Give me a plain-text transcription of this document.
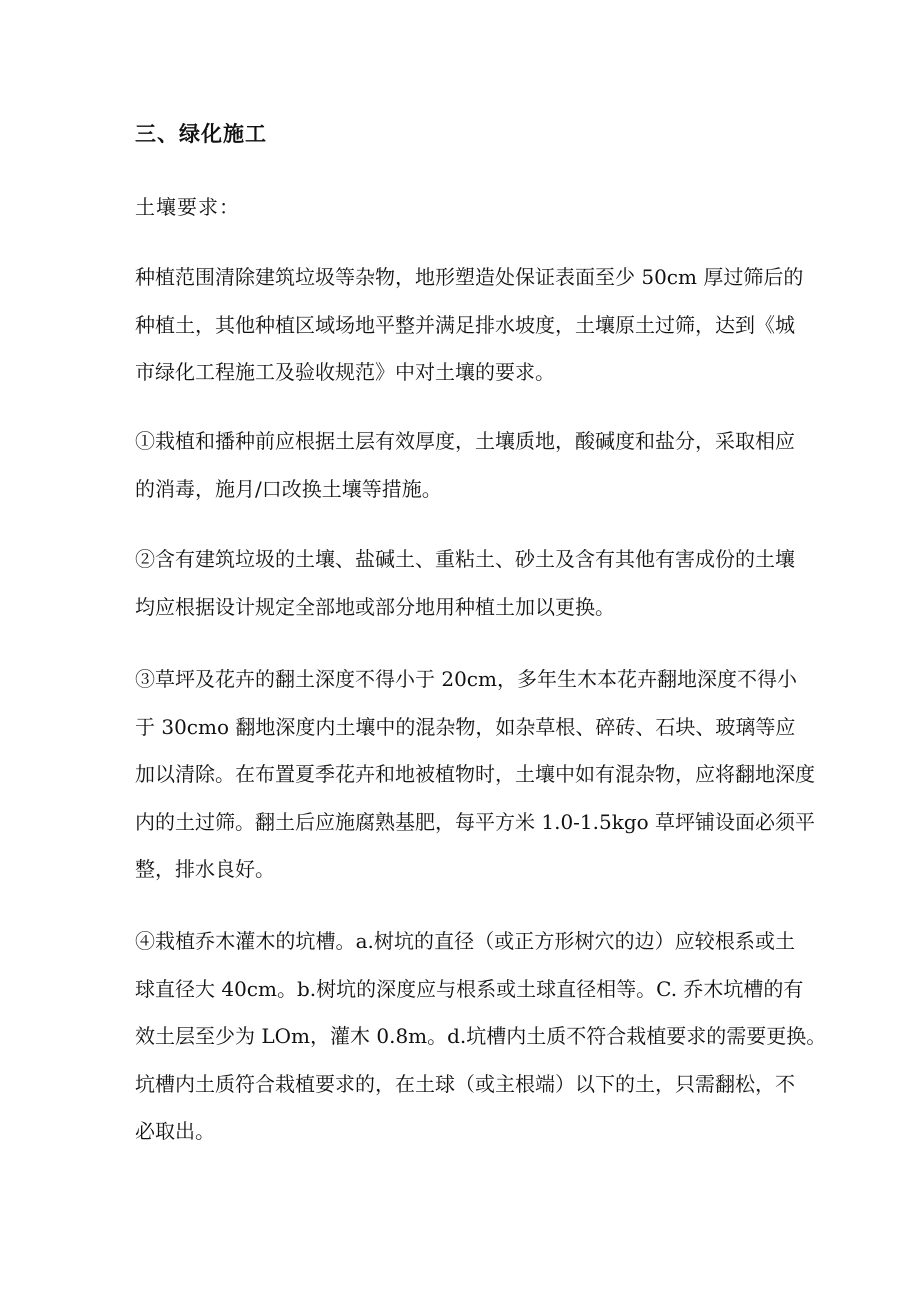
三、绿化施工

土壤要求：

种植范围清除建筑垃圾等杂物，地形塑造处保证表面至少 50cm 厚过筛后的
种植土，其他种植区域场地平整并满足排水坡度，土壤原土过筛，达到《城
市绿化工程施工及验收规范》中对土壤的要求。

①栽植和播种前应根据土层有效厚度，土壤质地，酸碱度和盐分，采取相应
的消毒，施月/口改换土壤等措施。

②含有建筑垃圾的土壤、盐碱土、重粘土、砂土及含有其他有害成份的土壤
均应根据设计规定全部地或部分地用种植土加以更换。

③草坪及花卉的翻土深度不得小于 20cm，多年生木本花卉翻地深度不得小
于 30cmo 翻地深度内土壤中的混杂物，如杂草根、碎砖、石块、玻璃等应
加以清除。在布置夏季花卉和地被植物时，土壤中如有混杂物，应将翻地深度
内的土过筛。翻土后应施腐熟基肥，每平方米 1.0-1.5kgo 草坪铺设面必须平
整，排水良好。

④栽植乔木灌木的坑槽。a.树坑的直径（或正方形树穴的边）应较根系或土
球直径大 40cm。b.树坑的深度应与根系或土球直径相等。C. 乔木坑槽的有
效土层至少为 LOm，灌木 0.8m。d.坑槽内土质不符合栽植要求的需要更换。
坑槽内土质符合栽植要求的，在土球（或主根端）以下的土，只需翻松，不
必取出。
